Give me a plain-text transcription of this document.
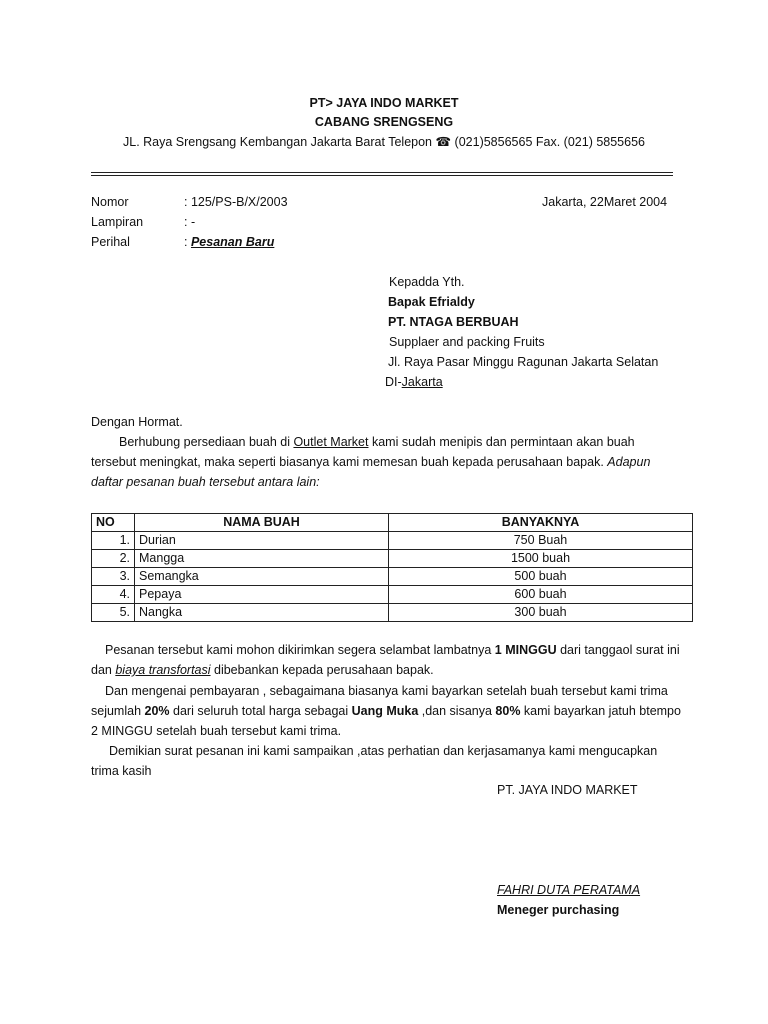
PT> JAYA INDO MARKET
CABANG SRENGSENG
JL. Raya Srengsang Kembangan Jakarta Barat Telepon ☎ (021)5856565 Fax. (021) 5855656
Nomor	: 125/PS-B/X/2003	Jakarta, 22Maret 2004
Lampiran	: -
Perihal	: Pesanan Baru
Kepadda Yth.
Bapak Efrialdy
PT. NTAGA BERBUAH
Supplaer and packing Fruits
Jl. Raya Pasar Minggu Ragunan Jakarta Selatan
DI-Jakarta
Dengan Hormat.
Berhubung persediaan buah di Outlet Market kami sudah menipis dan permintaan akan buah tersebut meningkat, maka seperti biasanya kami memesan buah kepada perusahaan bapak. Adapun daftar pesanan buah tersebut antara lain:
NO	NAMA BUAH	BANYAKNYA
1.	Durian	750 Buah
2.	Mangga	1500 buah
3.	Semangka	500 buah
4.	Pepaya	600 buah
5.	Nangka	300 buah
Pesanan tersebut kami mohon dikirimkan segera selambat lambatnya 1 MINGGU dari tanggaol surat ini dan biaya transfortasi dibebankan kepada perusahaan bapak.
Dan mengenai pembayaran , sebagaimana biasanya kami bayarkan setelah buah tersebut kami trima sejumlah 20% dari seluruh total harga sebagai Uang Muka ,dan sisanya 80% kami bayarkan jatuh btempo 2 MINGGU setelah buah tersebut kami trima.
Demikian surat pesanan ini kami sampaikan ,atas perhatian dan kerjasamanya kami mengucapkan trima kasih
PT. JAYA INDO MARKET
FAHRI DUTA PERATAMA
Meneger purchasing
